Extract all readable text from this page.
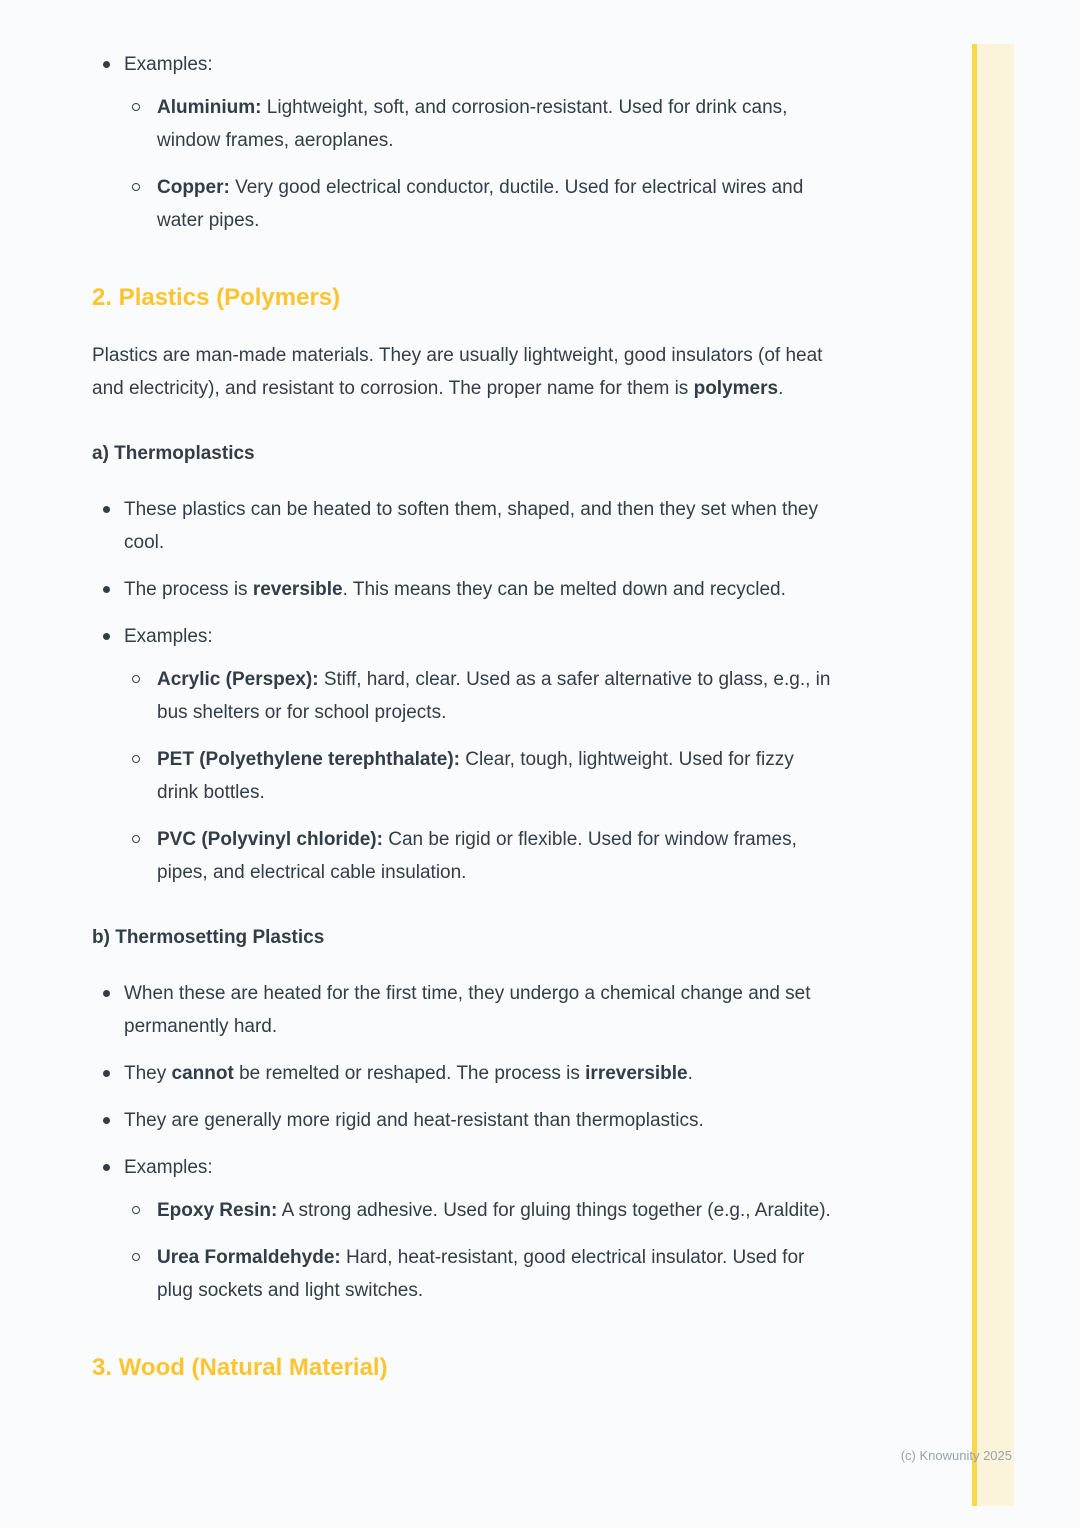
Examples:
Aluminium: Lightweight, soft, and corrosion-resistant. Used for drink cans, window frames, aeroplanes.
Copper: Very good electrical conductor, ductile. Used for electrical wires and water pipes.
2. Plastics (Polymers)

Plastics are man-made materials. They are usually lightweight, good insulators (of heat and electricity), and resistant to corrosion. The proper name for them is polymers.

a) Thermoplastics
These plastics can be heated to soften them, shaped, and then they set when they cool.
The process is reversible. This means they can be melted down and recycled.
Examples:
Acrylic (Perspex): Stiff, hard, clear. Used as a safer alternative to glass, e.g., in bus shelters or for school projects.
PET (Polyethylene terephthalate): Clear, tough, lightweight. Used for fizzy drink bottles.
PVC (Polyvinyl chloride): Can be rigid or flexible. Used for window frames, pipes, and electrical cable insulation.
b) Thermosetting Plastics
When these are heated for the first time, they undergo a chemical change and set permanently hard.
They cannot be remelted or reshaped. The process is irreversible.
They are generally more rigid and heat-resistant than thermoplastics.
Examples:
Epoxy Resin: A strong adhesive. Used for gluing things together (e.g., Araldite).
Urea Formaldehyde: Hard, heat-resistant, good electrical insulator. Used for plug sockets and light switches.
3. Wood (Natural Material)
(c) Knowunity 2025
